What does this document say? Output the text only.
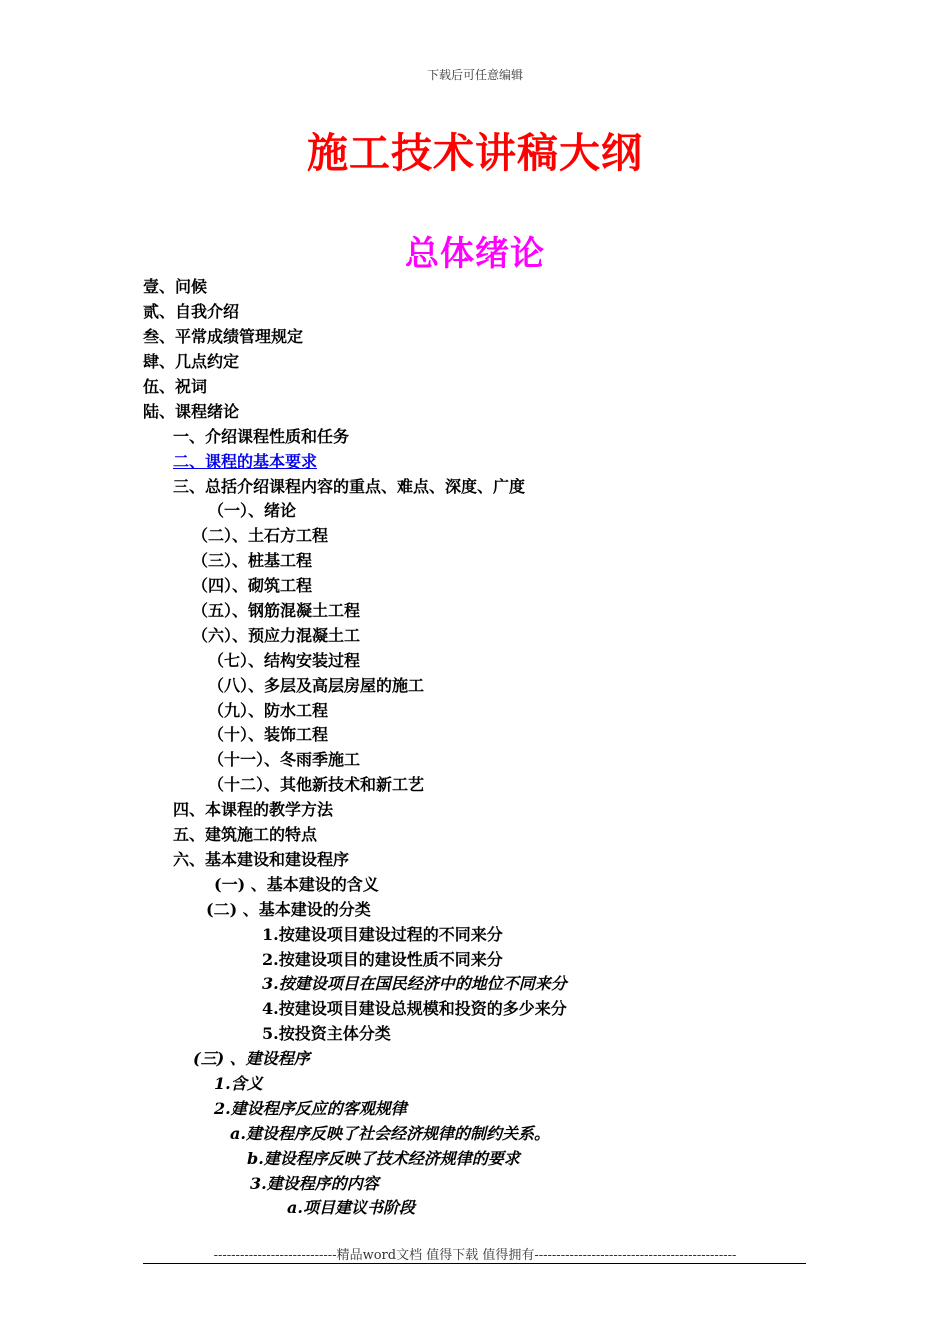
下载后可任意编辑
施工技术讲稿大纲
总体绪论
壹、问候
贰、自我介绍
叁、平常成绩管理规定
肆、几点约定
伍、祝词
陆、课程绪论
一、介绍课程性质和任务
二、课程的基本要求
三、总括介绍课程内容的重点、难点、深度、广度
（一）、绪论
（二）、土石方工程
（三）、桩基工程
（四）、砌筑工程
（五）、钢筋混凝土工程
（六）、预应力混凝土工
（七）、结构安装过程
（八）、多层及高层房屋的施工
（九）、防水工程
（十）、装饰工程
（十一）、冬雨季施工
（十二）、其他新技术和新工艺
四、本课程的教学方法
五、建筑施工的特点
六、基本建设和建设程序
(一) 、基本建设的含义
(二) 、基本建设的分类
1.按建设项目建设过程的不同来分
2.按建设项目的建设性质不同来分
3.按建设项目在国民经济中的地位不同来分
4.按建设项目建设总规模和投资的多少来分
5.按投资主体分类
(三) 、建设程序
1.含义
2.建设程序反应的客观规律
a.建设程序反映了社会经济规律的制约关系。
b.建设程序反映了技术经济规律的要求
3.建设程序的内容
a.项目建议书阶段
----------------------------精品word文档 值得下载 值得拥有----------------------------------------------
